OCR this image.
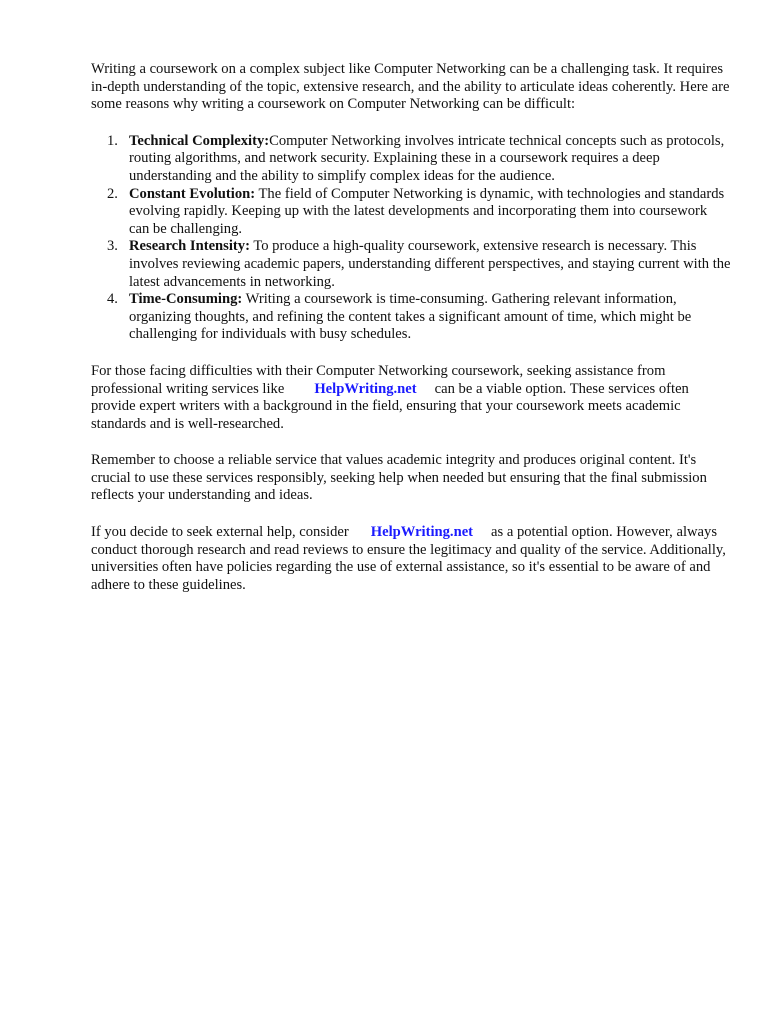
Writing a coursework on a complex subject like Computer Networking can be a challenging task. It requires in-depth understanding of the topic, extensive research, and the ability to articulate ideas coherently. Here are some reasons why writing a coursework on Computer Networking can be difficult:

1. Technical Complexity:Computer Networking involves intricate technical concepts such as protocols, routing algorithms, and network security. Explaining these in a coursework requires a deep understanding and the ability to simplify complex ideas for the audience.
2. Constant Evolution: The field of Computer Networking is dynamic, with technologies and standards evolving rapidly. Keeping up with the latest developments and incorporating them into coursework can be challenging.
3. Research Intensity: To produce a high-quality coursework, extensive research is necessary. This involves reviewing academic papers, understanding different perspectives, and staying current with the latest advancements in networking.
4. Time-Consuming: Writing a coursework is time-consuming. Gathering relevant information, organizing thoughts, and refining the content takes a significant amount of time, which might be challenging for individuals with busy schedules.

For those facing difficulties with their Computer Networking coursework, seeking assistance from professional writing services like HelpWriting.net can be a viable option. These services often provide expert writers with a background in the field, ensuring that your coursework meets academic standards and is well-researched.

Remember to choose a reliable service that values academic integrity and produces original content. It's crucial to use these services responsibly, seeking help when needed but ensuring that the final submission reflects your understanding and ideas.

If you decide to seek external help, consider HelpWriting.net as a potential option. However, always conduct thorough research and read reviews to ensure the legitimacy and quality of the service. Additionally, universities often have policies regarding the use of external assistance, so it's essential to be aware of and adhere to these guidelines.
